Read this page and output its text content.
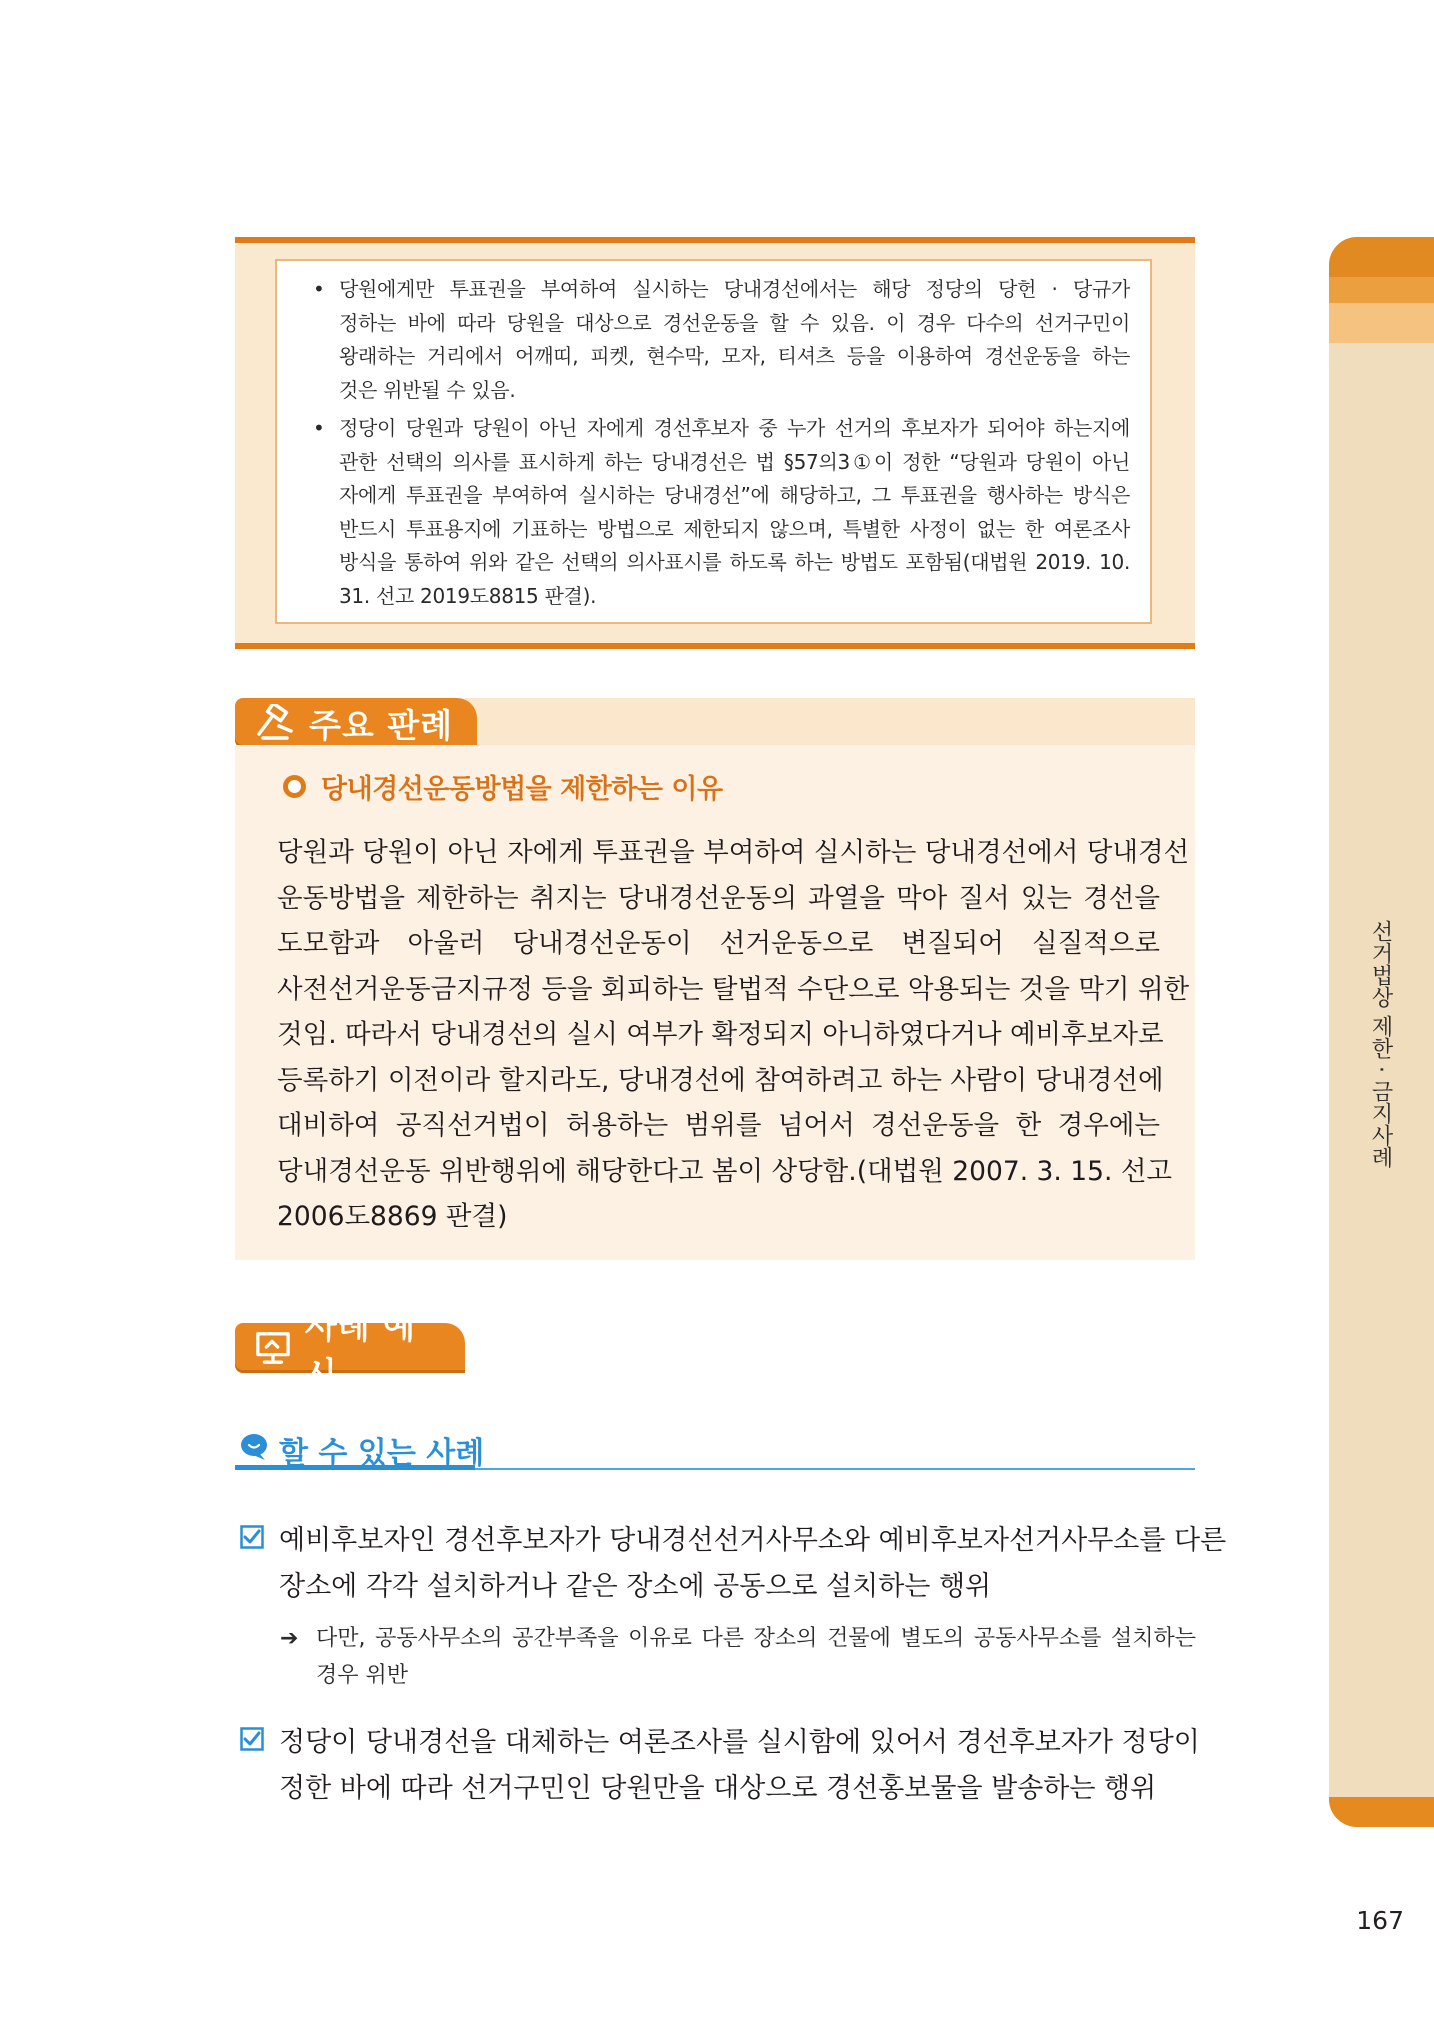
• 당원에게만 투표권을 부여하여 실시하는 당내경선에서는 해당 정당의 당헌 · 당규가
정하는 바에 따라 당원을 대상으로 경선운동을 할 수 있음. 이 경우 다수의 선거구민이
왕래하는 거리에서 어깨띠, 피켓, 현수막, 모자, 티셔츠 등을 이용하여 경선운동을 하는
것은 위반될 수 있음.
• 정당이 당원과 당원이 아닌 자에게 경선후보자 중 누가 선거의 후보자가 되어야 하는지에
관한 선택의 의사를 표시하게 하는 당내경선은 법 §57의3①이 정한 “당원과 당원이 아닌
자에게 투표권을 부여하여 실시하는 당내경선”에 해당하고, 그 투표권을 행사하는 방식은
반드시 투표용지에 기표하는 방법으로 제한되지 않으며, 특별한 사정이 없는 한 여론조사
방식을 통하여 위와 같은 선택의 의사표시를 하도록 하는 방법도 포함됨(대법원 2019. 10.
31. 선고 2019도8815 판결).
주요 판례
당내경선운동방법을 제한하는 이유
당원과 당원이 아닌 자에게 투표권을 부여하여 실시하는 당내경선에서 당내경선
운동방법을 제한하는 취지는 당내경선운동의 과열을 막아 질서 있는 경선을
도모함과 아울러 당내경선운동이 선거운동으로 변질되어 실질적으로
사전선거운동금지규정 등을 회피하는 탈법적 수단으로 악용되는 것을 막기 위한
것임. 따라서 당내경선의 실시 여부가 확정되지 아니하였다거나 예비후보자로
등록하기 이전이라 할지라도, 당내경선에 참여하려고 하는 사람이 당내경선에
대비하여 공직선거법이 허용하는 범위를 넘어서 경선운동을 한 경우에는
당내경선운동 위반행위에 해당한다고 봄이 상당함.(대법원 2007. 3. 15. 선고
2006도8869 판결)
사례 예시
할 수 있는 사례
예비후보자인 경선후보자가 당내경선선거사무소와 예비후보자선거사무소를 다른
장소에 각각 설치하거나 같은 장소에 공동으로 설치하는 행위
➔ 다만, 공동사무소의 공간부족을 이유로 다른 장소의 건물에 별도의 공동사무소를 설치하는
경우 위반
정당이 당내경선을 대체하는 여론조사를 실시함에 있어서 경선후보자가 정당이
정한 바에 따라 선거구민인 당원만을 대상으로 경선홍보물을 발송하는 행위
선거법상 제한 · 금지사례
167
